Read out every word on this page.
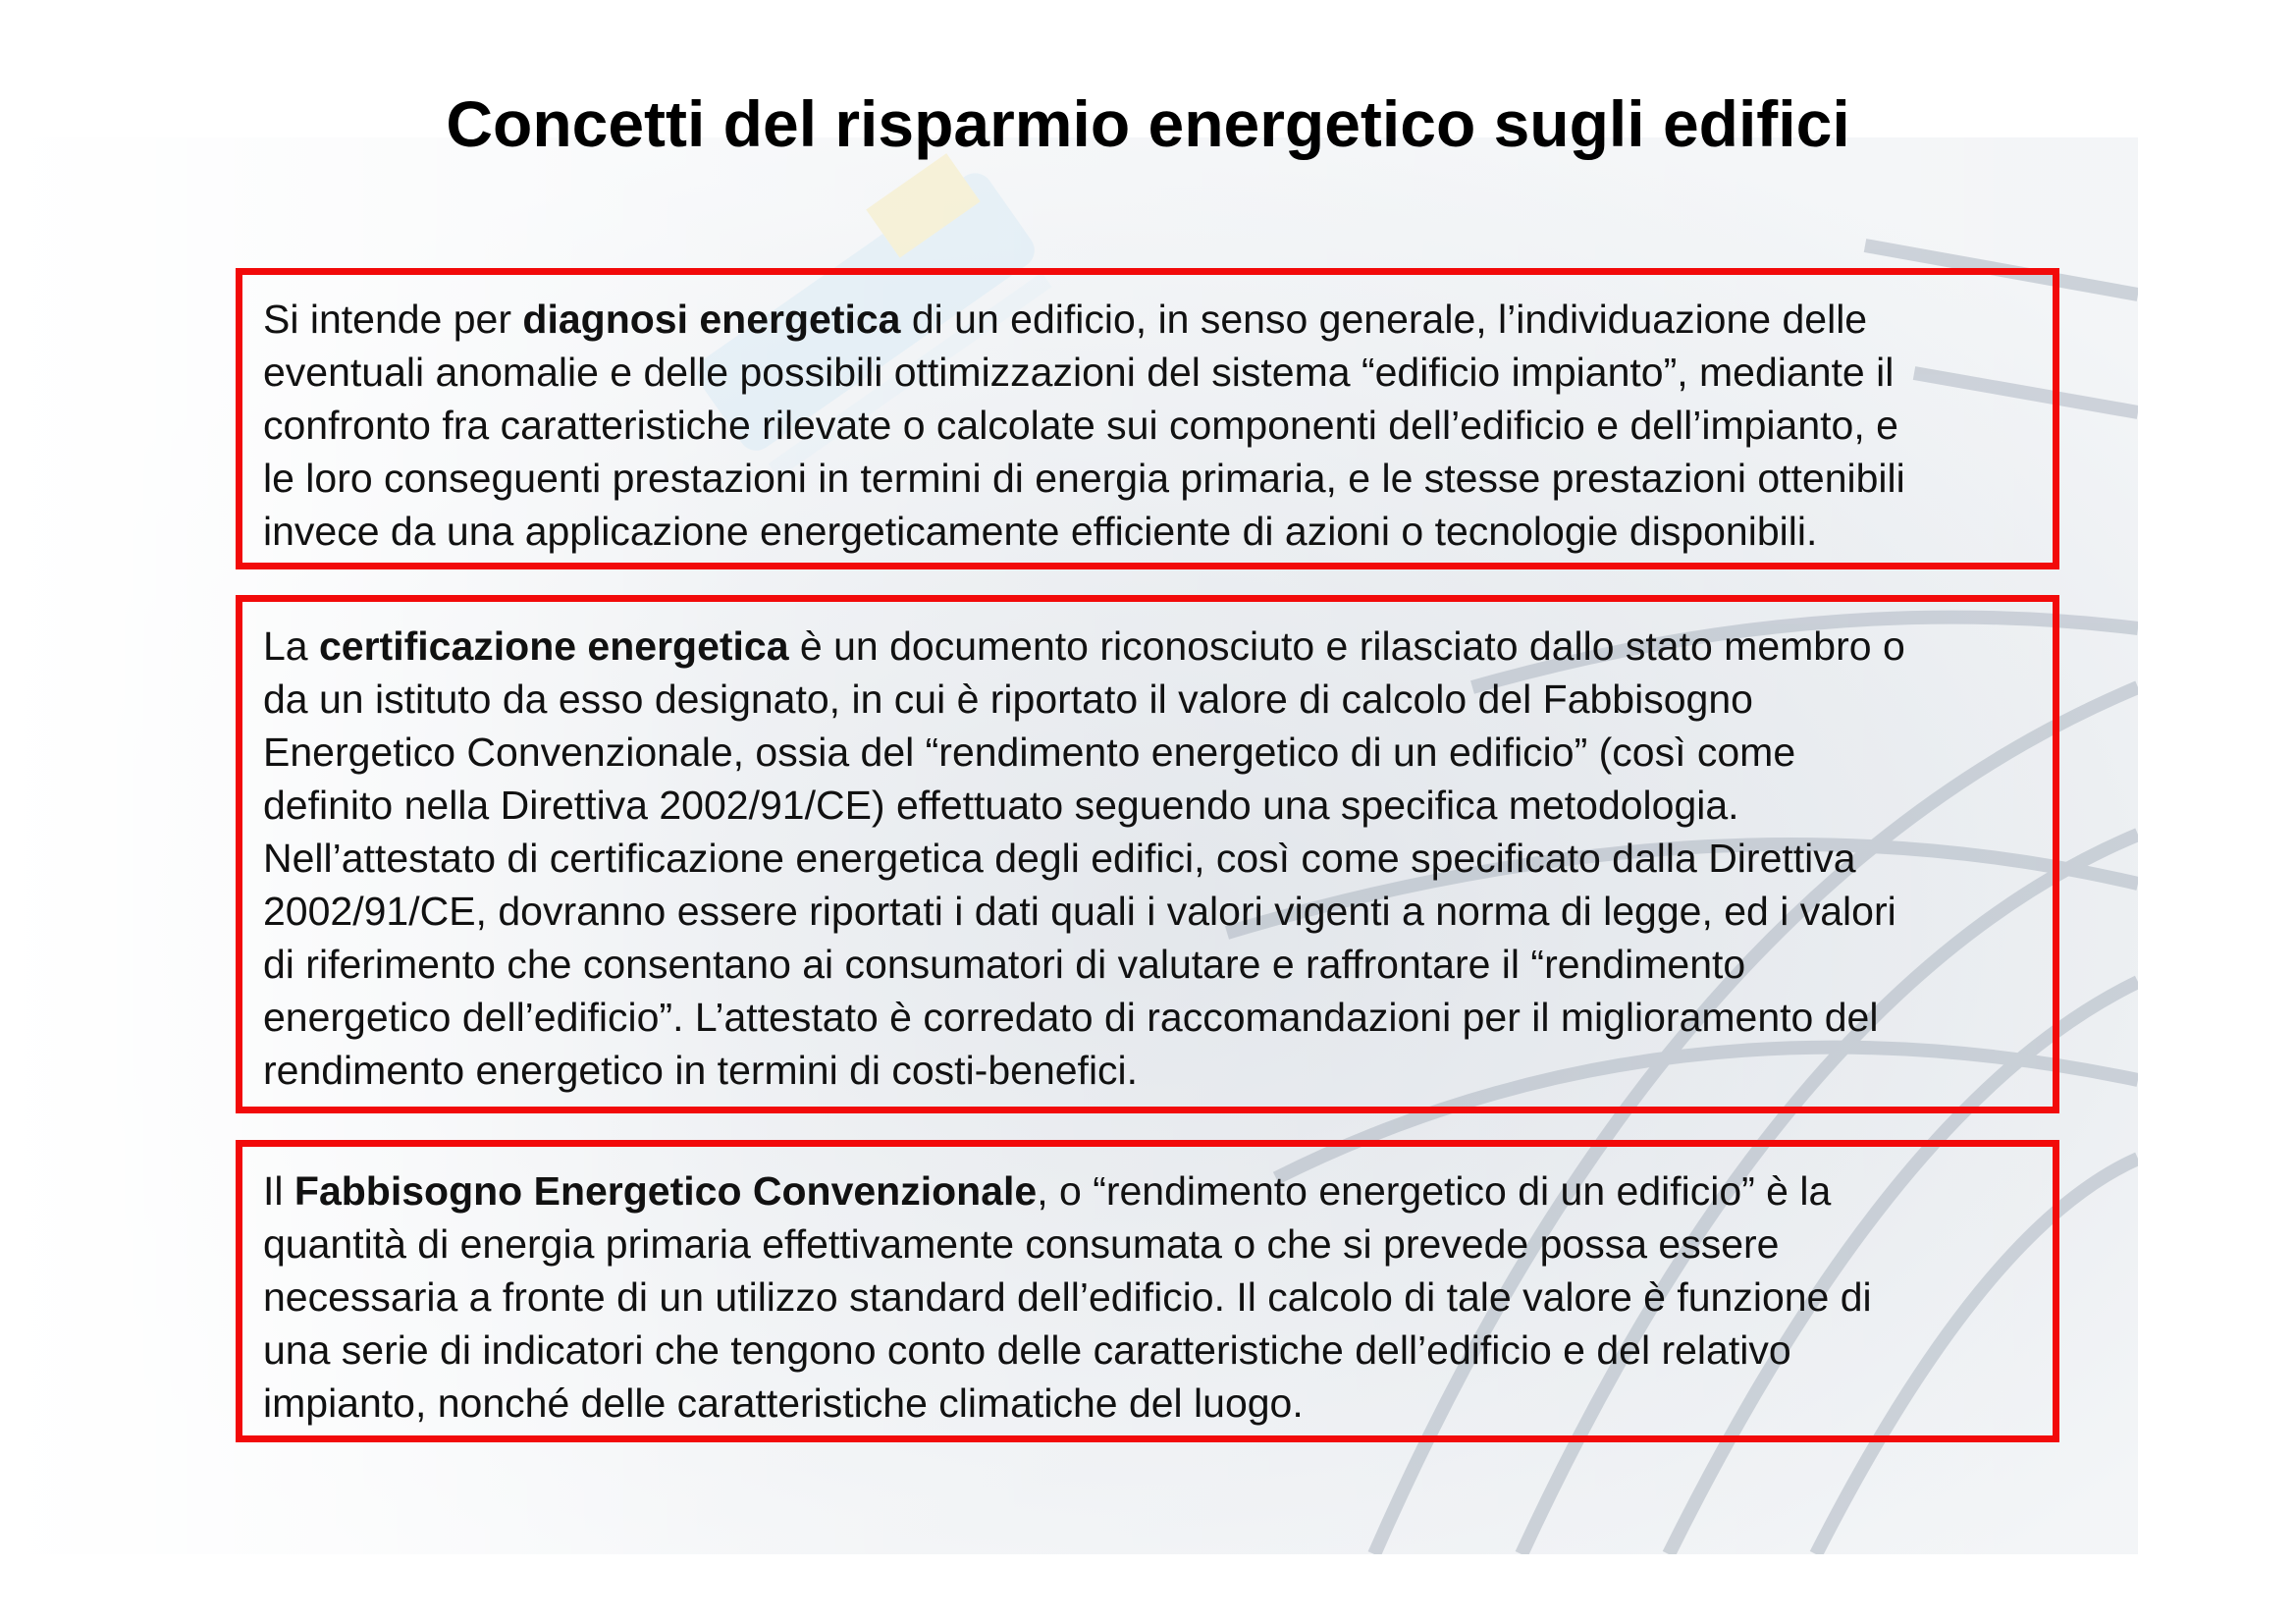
Concetti del risparmio energetico sugli edifici
Si intende per diagnosi energetica di un edificio, in senso generale, l’individuazione delle
eventuali anomalie e delle possibili ottimizzazioni del sistema “edificio impianto”, mediante il
confronto fra caratteristiche rilevate o calcolate sui componenti dell’edificio e dell’impianto, e
le loro conseguenti prestazioni in termini di energia primaria, e le stesse prestazioni ottenibili
invece da una applicazione energeticamente efficiente di azioni o tecnologie disponibili.
La certificazione energetica è un documento riconosciuto e rilasciato dallo stato membro o
da un istituto da esso designato, in cui è riportato il valore di calcolo del Fabbisogno
Energetico Convenzionale, ossia del “rendimento energetico di un edificio” (così come
definito nella Direttiva 2002/91/CE) effettuato seguendo una specifica metodologia.
Nell’attestato di certificazione energetica degli edifici, così come specificato dalla Direttiva
2002/91/CE, dovranno essere riportati i dati quali i valori vigenti a norma di legge, ed i valori
di riferimento che consentano ai consumatori di valutare e raffrontare il “rendimento
energetico dell’edificio”. L’attestato è corredato di raccomandazioni per il miglioramento del
rendimento energetico in termini di costi-benefici.
Il Fabbisogno Energetico Convenzionale, o “rendimento energetico di un edificio” è la
quantità di energia primaria effettivamente consumata o che si prevede possa essere
necessaria a fronte di un utilizzo standard dell’edificio. Il calcolo di tale valore è funzione di
una serie di indicatori che tengono conto delle caratteristiche dell’edificio e del relativo
impianto, nonché delle caratteristiche climatiche del luogo.
